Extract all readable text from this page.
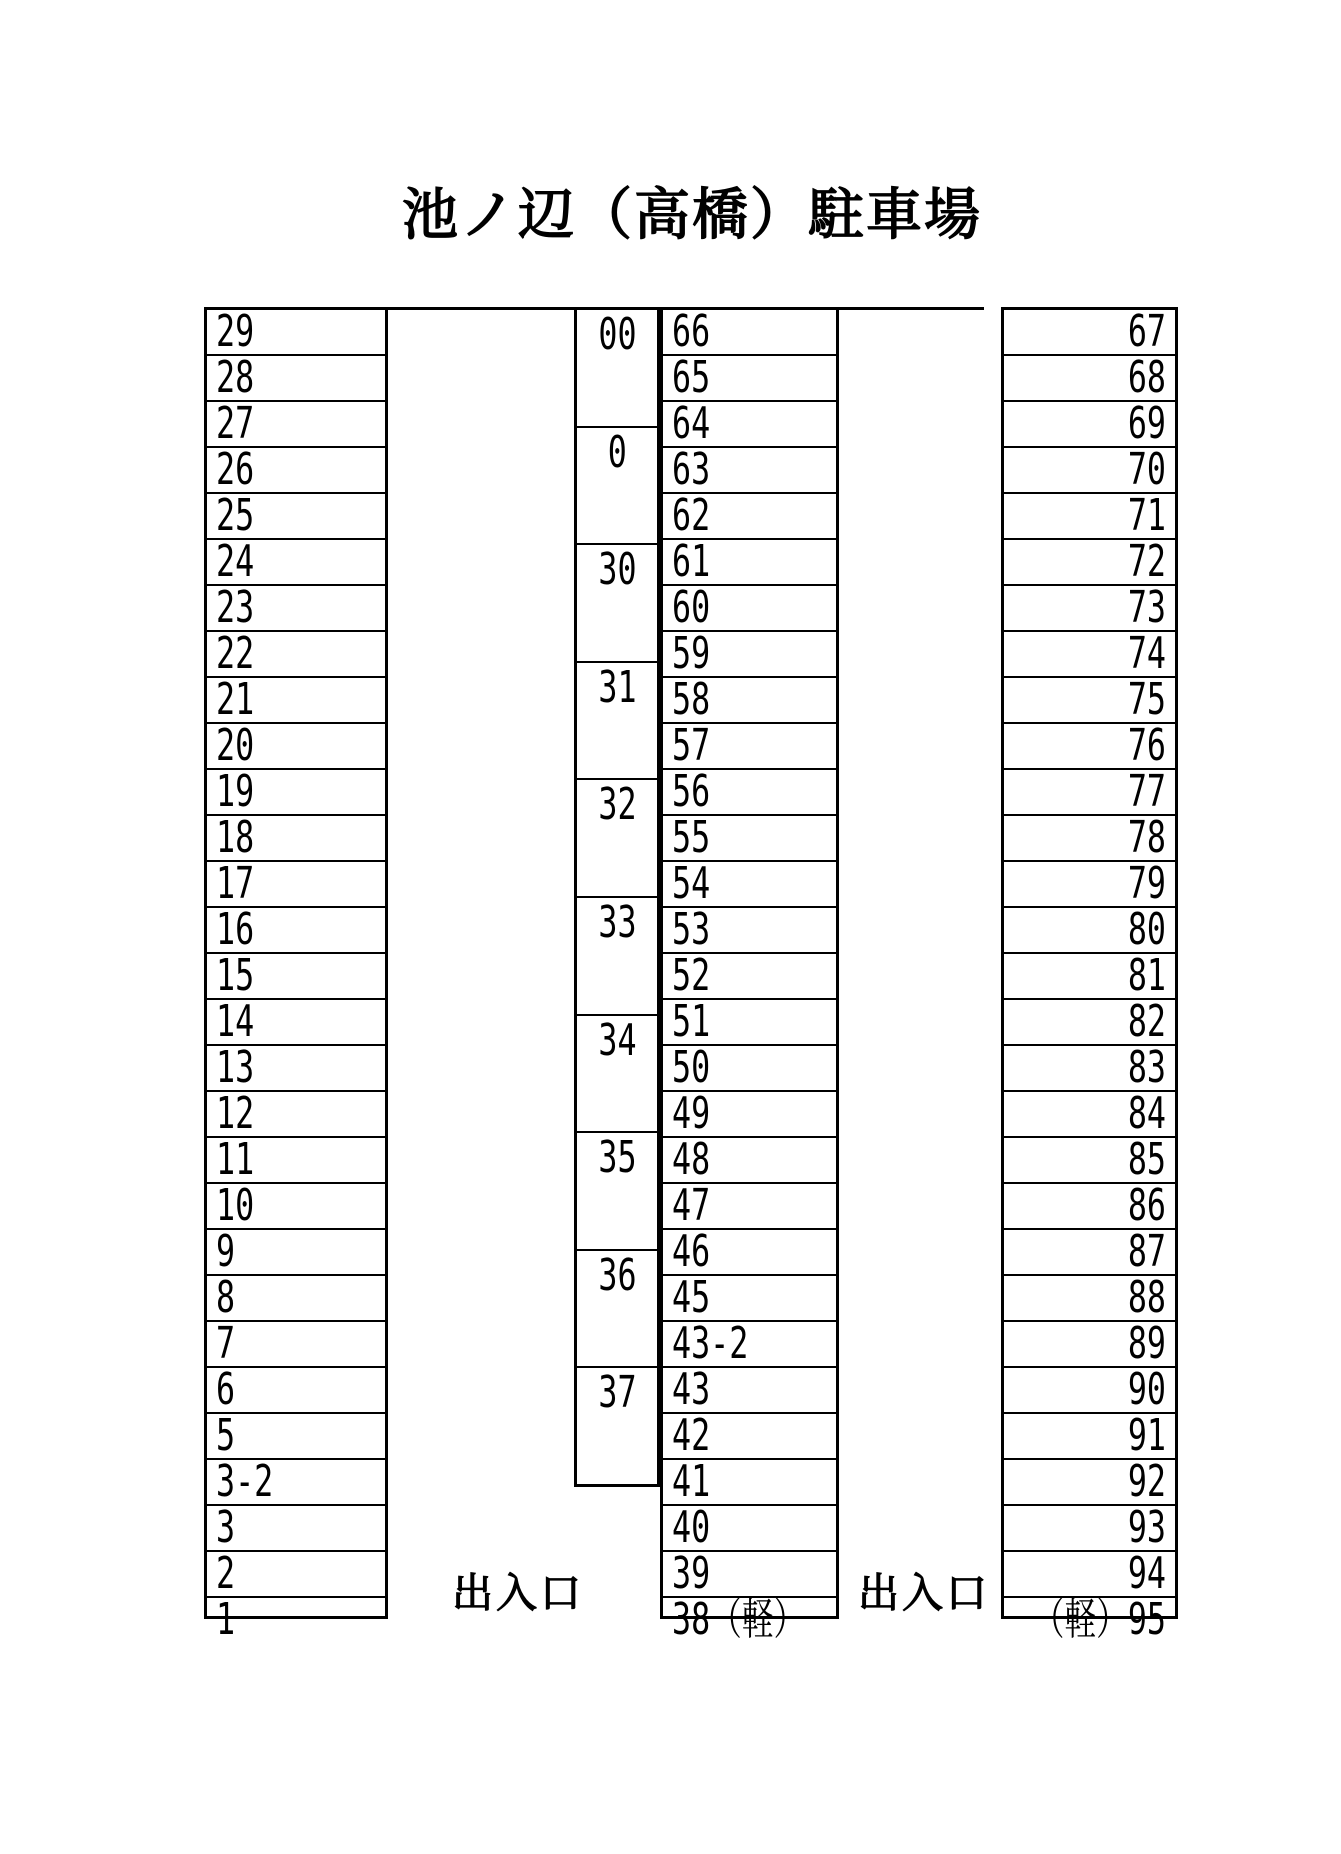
池ノ辺（高橋）駐車場
29
28
27
26
25
24
23
22
21
20
19
18
17
16
15
14
13
12
11
10
9
8
7
6
5
3-2
3
2
1
00
0
30
31
32
33
34
35
36
37
66
65
64
63
62
61
60
59
58
57
56
55
54
53
52
51
50
49
48
47
46
45
43-2
43
42
41
40
39
38（軽）
67
68
69
70
71
72
73
74
75
76
77
78
79
80
81
82
83
84
85
86
87
88
89
90
91
92
93
94
（軽）95
出入口	出入口
